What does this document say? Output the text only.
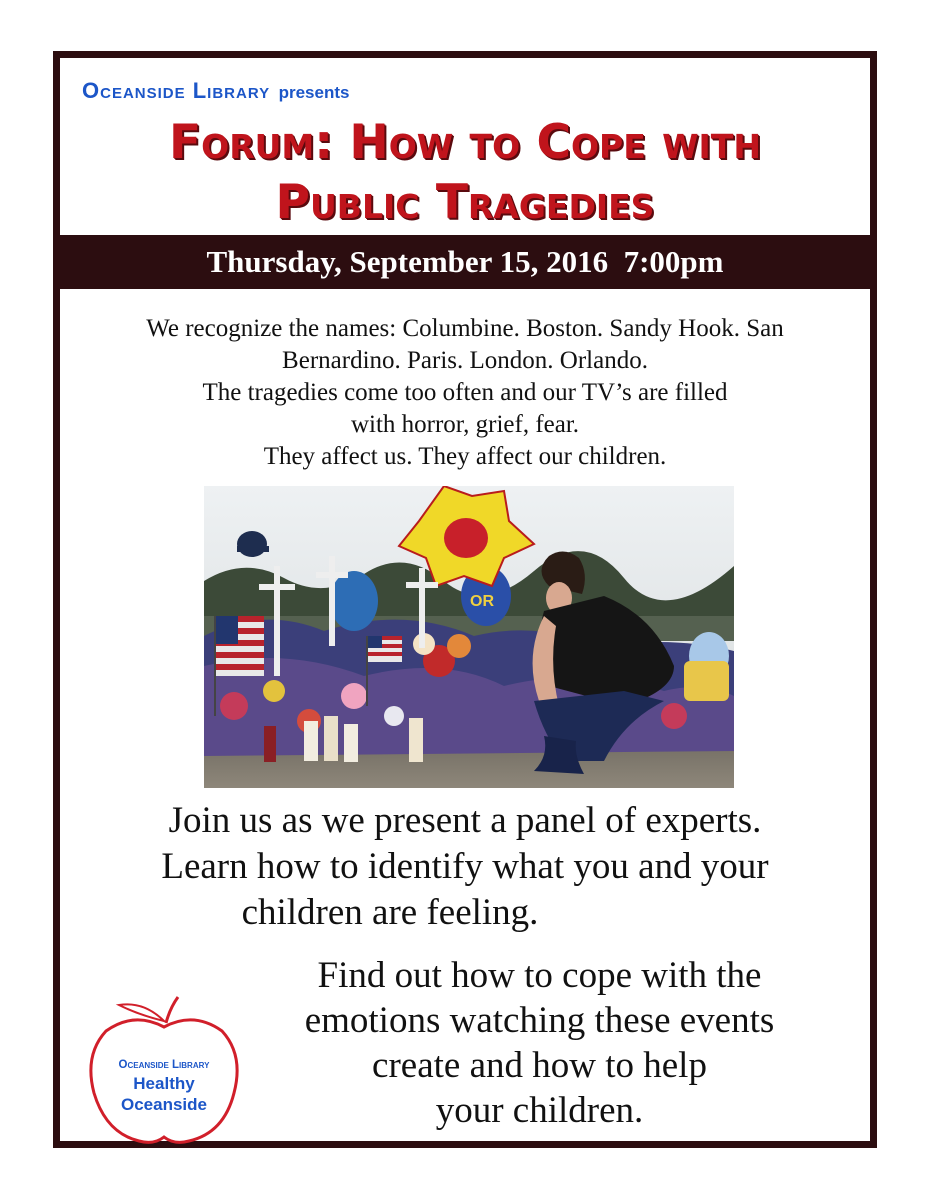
Oceanside Library presents
Forum: How to Cope with
Public Tragedies
Thursday, September 15, 2016  7:00pm
We recognize the names: Columbine. Boston. Sandy Hook. San
Bernardino. Paris. London. Orlando.
The tragedies come too often and our TV’s are filled
with horror, grief, fear.
They affect us. They affect our children.
OR
Join us as we present a panel of experts.
Learn how to identify what you and your
children are feeling.
Find out how to cope with the
emotions watching these events
create and how to help
your children.
Oceanside Library
Healthy
Oceanside
